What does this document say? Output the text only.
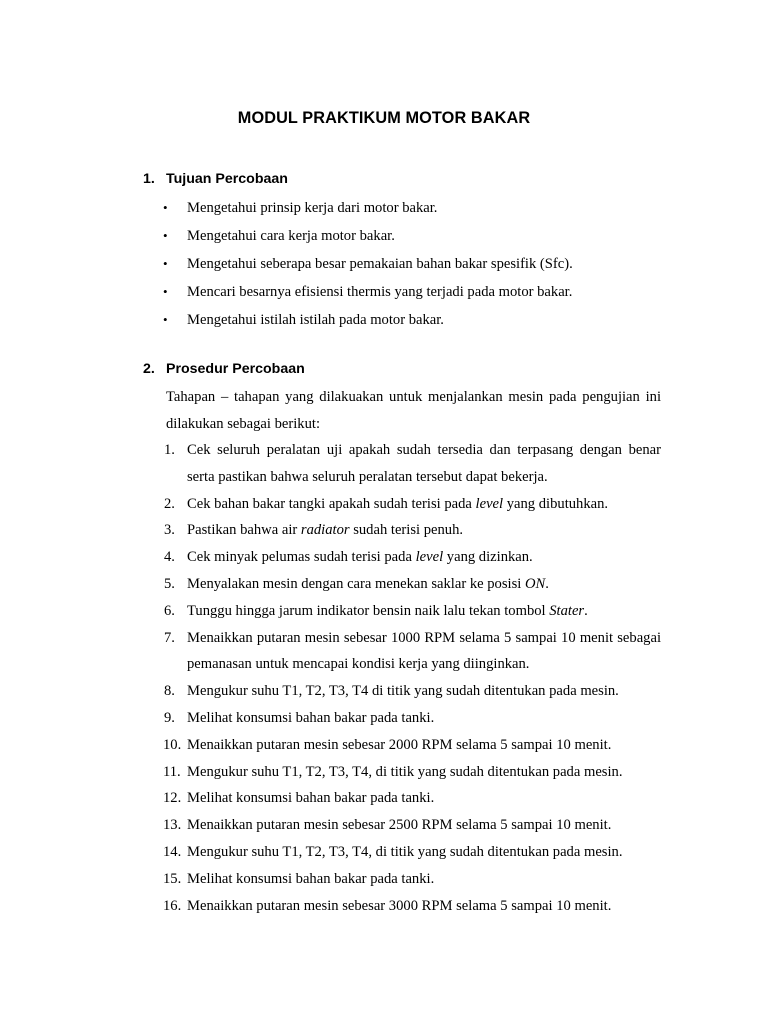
MODUL PRAKTIKUM MOTOR BAKAR
1. Tujuan Percobaan
• Mengetahui prinsip kerja dari motor bakar.
• Mengetahui cara kerja motor bakar.
• Mengetahui seberapa besar pemakaian bahan bakar spesifik (Sfc).
• Mencari besarnya efisiensi thermis yang terjadi pada motor bakar.
• Mengetahui istilah istilah pada motor bakar.
2. Prosedur Percobaan
Tahapan – tahapan yang dilakuakan untuk menjalankan mesin pada pengujian ini dilakukan sebagai berikut:
1. Cek seluruh peralatan uji apakah sudah tersedia dan terpasang dengan benar serta pastikan bahwa seluruh peralatan tersebut dapat bekerja.
2. Cek bahan bakar tangki apakah sudah terisi pada level yang dibutuhkan.
3. Pastikan bahwa air radiator sudah terisi penuh.
4. Cek minyak pelumas sudah terisi pada level yang dizinkan.
5. Menyalakan mesin dengan cara menekan saklar ke posisi ON.
6. Tunggu hingga jarum indikator bensin naik lalu tekan tombol Stater.
7. Menaikkan putaran mesin sebesar 1000 RPM selama 5 sampai 10 menit sebagai pemanasan untuk mencapai kondisi kerja yang diinginkan.
8. Mengukur suhu T1, T2, T3, T4 di titik yang sudah ditentukan pada mesin.
9. Melihat konsumsi bahan bakar pada tanki.
10. Menaikkan putaran mesin sebesar 2000 RPM selama 5 sampai 10 menit.
11. Mengukur suhu T1, T2, T3, T4, di titik yang sudah ditentukan pada mesin.
12. Melihat konsumsi bahan bakar pada tanki.
13. Menaikkan putaran mesin sebesar 2500 RPM selama 5 sampai 10 menit.
14. Mengukur suhu T1, T2, T3, T4, di titik yang sudah ditentukan pada mesin.
15. Melihat konsumsi bahan bakar pada tanki.
16. Menaikkan putaran mesin sebesar 3000 RPM selama 5 sampai 10 menit.
